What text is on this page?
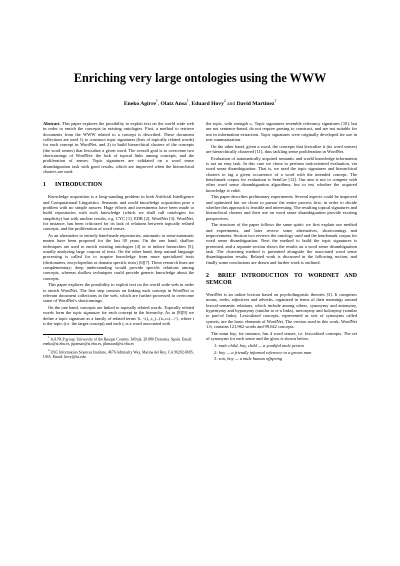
Enriching very large ontologies using the WWW
Eneko Agirre$^1$, Olatz Ansa$^1$, Eduard Hovy$^2$ and David Martinez$^1$

Abstract. This paper explores the possibility to exploit text on the world wide web in order to enrich the concepts in existing ontologies. First, a method to retrieve documents from the WWW related to a concept is described. These document collections are used 1) to construct topic signatures (lists of topically related words) for each concept in WordNet, and 2) to build hierarchical clusters of the concepts (the word senses) that lexicalize a given word. The overall goal is to overcome two shortcomings of WordNet: the lack of topical links among concepts, and the proliferation of senses. Topic signatures are validated on a word sense disambiguation task with good results, which are improved when the hierarchical clusters are used.

1 INTRODUCTION

Knowledge acquisition is a long-standing problem in both Artificial Intelligence and Computational Linguistics. Semantic and world knowledge acquisition pose a problem with no simple answer. Huge efforts and investments have been made to build repositories with such knowledge (which we shall call ontologies for simplicity) but with unclear results, e.g. CYC [1], EDR [2], WordNet [3]. WordNet, for instance, has been criticized for its lack of relations between topically related concepts, and the proliferation of word senses.

As an alternative to entirely hand-made repositories, automatic or semi-automatic means have been proposed for the last 30 years. On the one hand, shallow techniques are used to enrich existing ontologies [4] or to induce hierarchies [5], usually analyzing large corpora of texts. On the other hand, deep natural language processing is called for to acquire knowledge from more specialized texts (dictionaries, encyclopedias or domain specific texts) [6][7]. These research lines are complementary; deep understanding would provide specific relations among concepts, whereas shallow techniques could provide generic knowledge about the concepts.

This paper explores the possibility to exploit text on the world wide web in order to enrich WordNet. The first step consists on linking each concept in WordNet to relevant document collections in the web, which are further processed to overcome some of WordNet's shortcomings.

On the one hand, concepts are linked to topically related words. Topically related words form the topic signature for each concept in the hierarchy. As in [8][9] we define a topic signature as a family of related terms {t, <(t₁,c₁)...(tₙ,cₙ)...>}, where t is the topic (i.e. the target concept) and each tᵢ is a word associated with

$^1$ IxA NLP group. University of the Basque Country. 649 pk. 20.080 Donostia. Spain. Email: eneko@si.ehu.es, jipansao@si.ehu.es, jibmaard@si.ehu.es

$^2$ USC Information Sciences Institute, 4676 Admiralty Way, Marina del Rey, CA 90292-6695, USA. Email: hovy@isi.edu

the topic, with strength cᵢ. Topic signatures resemble relevancy signatures [10], but are not sentence-based, do not require parsing to construct, and are not suitable for use in information extraction. Topic signatures were originally developed for use in text summarization.

On the other hand, given a word, the concepts that lexicalize it (its word senses) are hierarchically clustered [11], thus tackling sense proliferation in WordNet.

Evaluation of automatically acquired semantic and world knowledge information is not an easy task. In this case we chose to perform task-oriented evaluation, via word sense disambiguation. That is, we used the topic signatures and hierarchical clusters to tag a given occurrence of a word with the intended concept. The benchmark corpus for evaluation is SemCor [12]. Our aim is not to compete with other word sense disambiguation algorithms, but to test whether the acquired knowledge is valid.

This paper describes preliminary experiments. Several aspects could be improved and optimized but we chose to pursue the entire process first, in order to decide whether this approach is feasible and interesting. The resulting topical signatures and hierarchical clusters and their use on word sense disambiguation provide exciting perspectives.

The structure of the paper follows the same spirit: we first explain our method and experiments, and later review some alternatives, shortcomings and improvements. Section two reviews the ontology used and the benchmark corpus for word sense disambiguation. Next the method to build the topic signatures is presented, and a separate section shows the results on a word sense disambiguation task. The clustering method is presented alongside the associated word sense disambiguation results. Related work is discussed in the following section, and finally some conclusions are drawn and further work is outlined.

2 BRIEF INTRODUCTION TO WORDNET AND SEMCOR

WordNet is an online lexicon based on psycholinguistic theories [3]. It comprises nouns, verbs, adjectives and adverbs, organized in terms of their meanings around lexical-semantic relations, which include among others, synonymy and antonymy, hypernymy and hyponymy (similar to is-a links), meronymy and holonymy (similar to part-of links). Lexicalized concepts, represented as sets of synonyms called synsets, are the basic elements of WordNet. The version used in this work, WordNet 1.6, contains 121,962 words and 99,642 concepts.

The noun boy, for instance, has 4 word senses, i.e. lexicalized concepts. The set of synonyms for each sense and the gloss is shown below:

1: male child, boy, child — a youthful male person
2: boy — a friendly informal reference to a grown man
3: son, boy — a male human offspring
